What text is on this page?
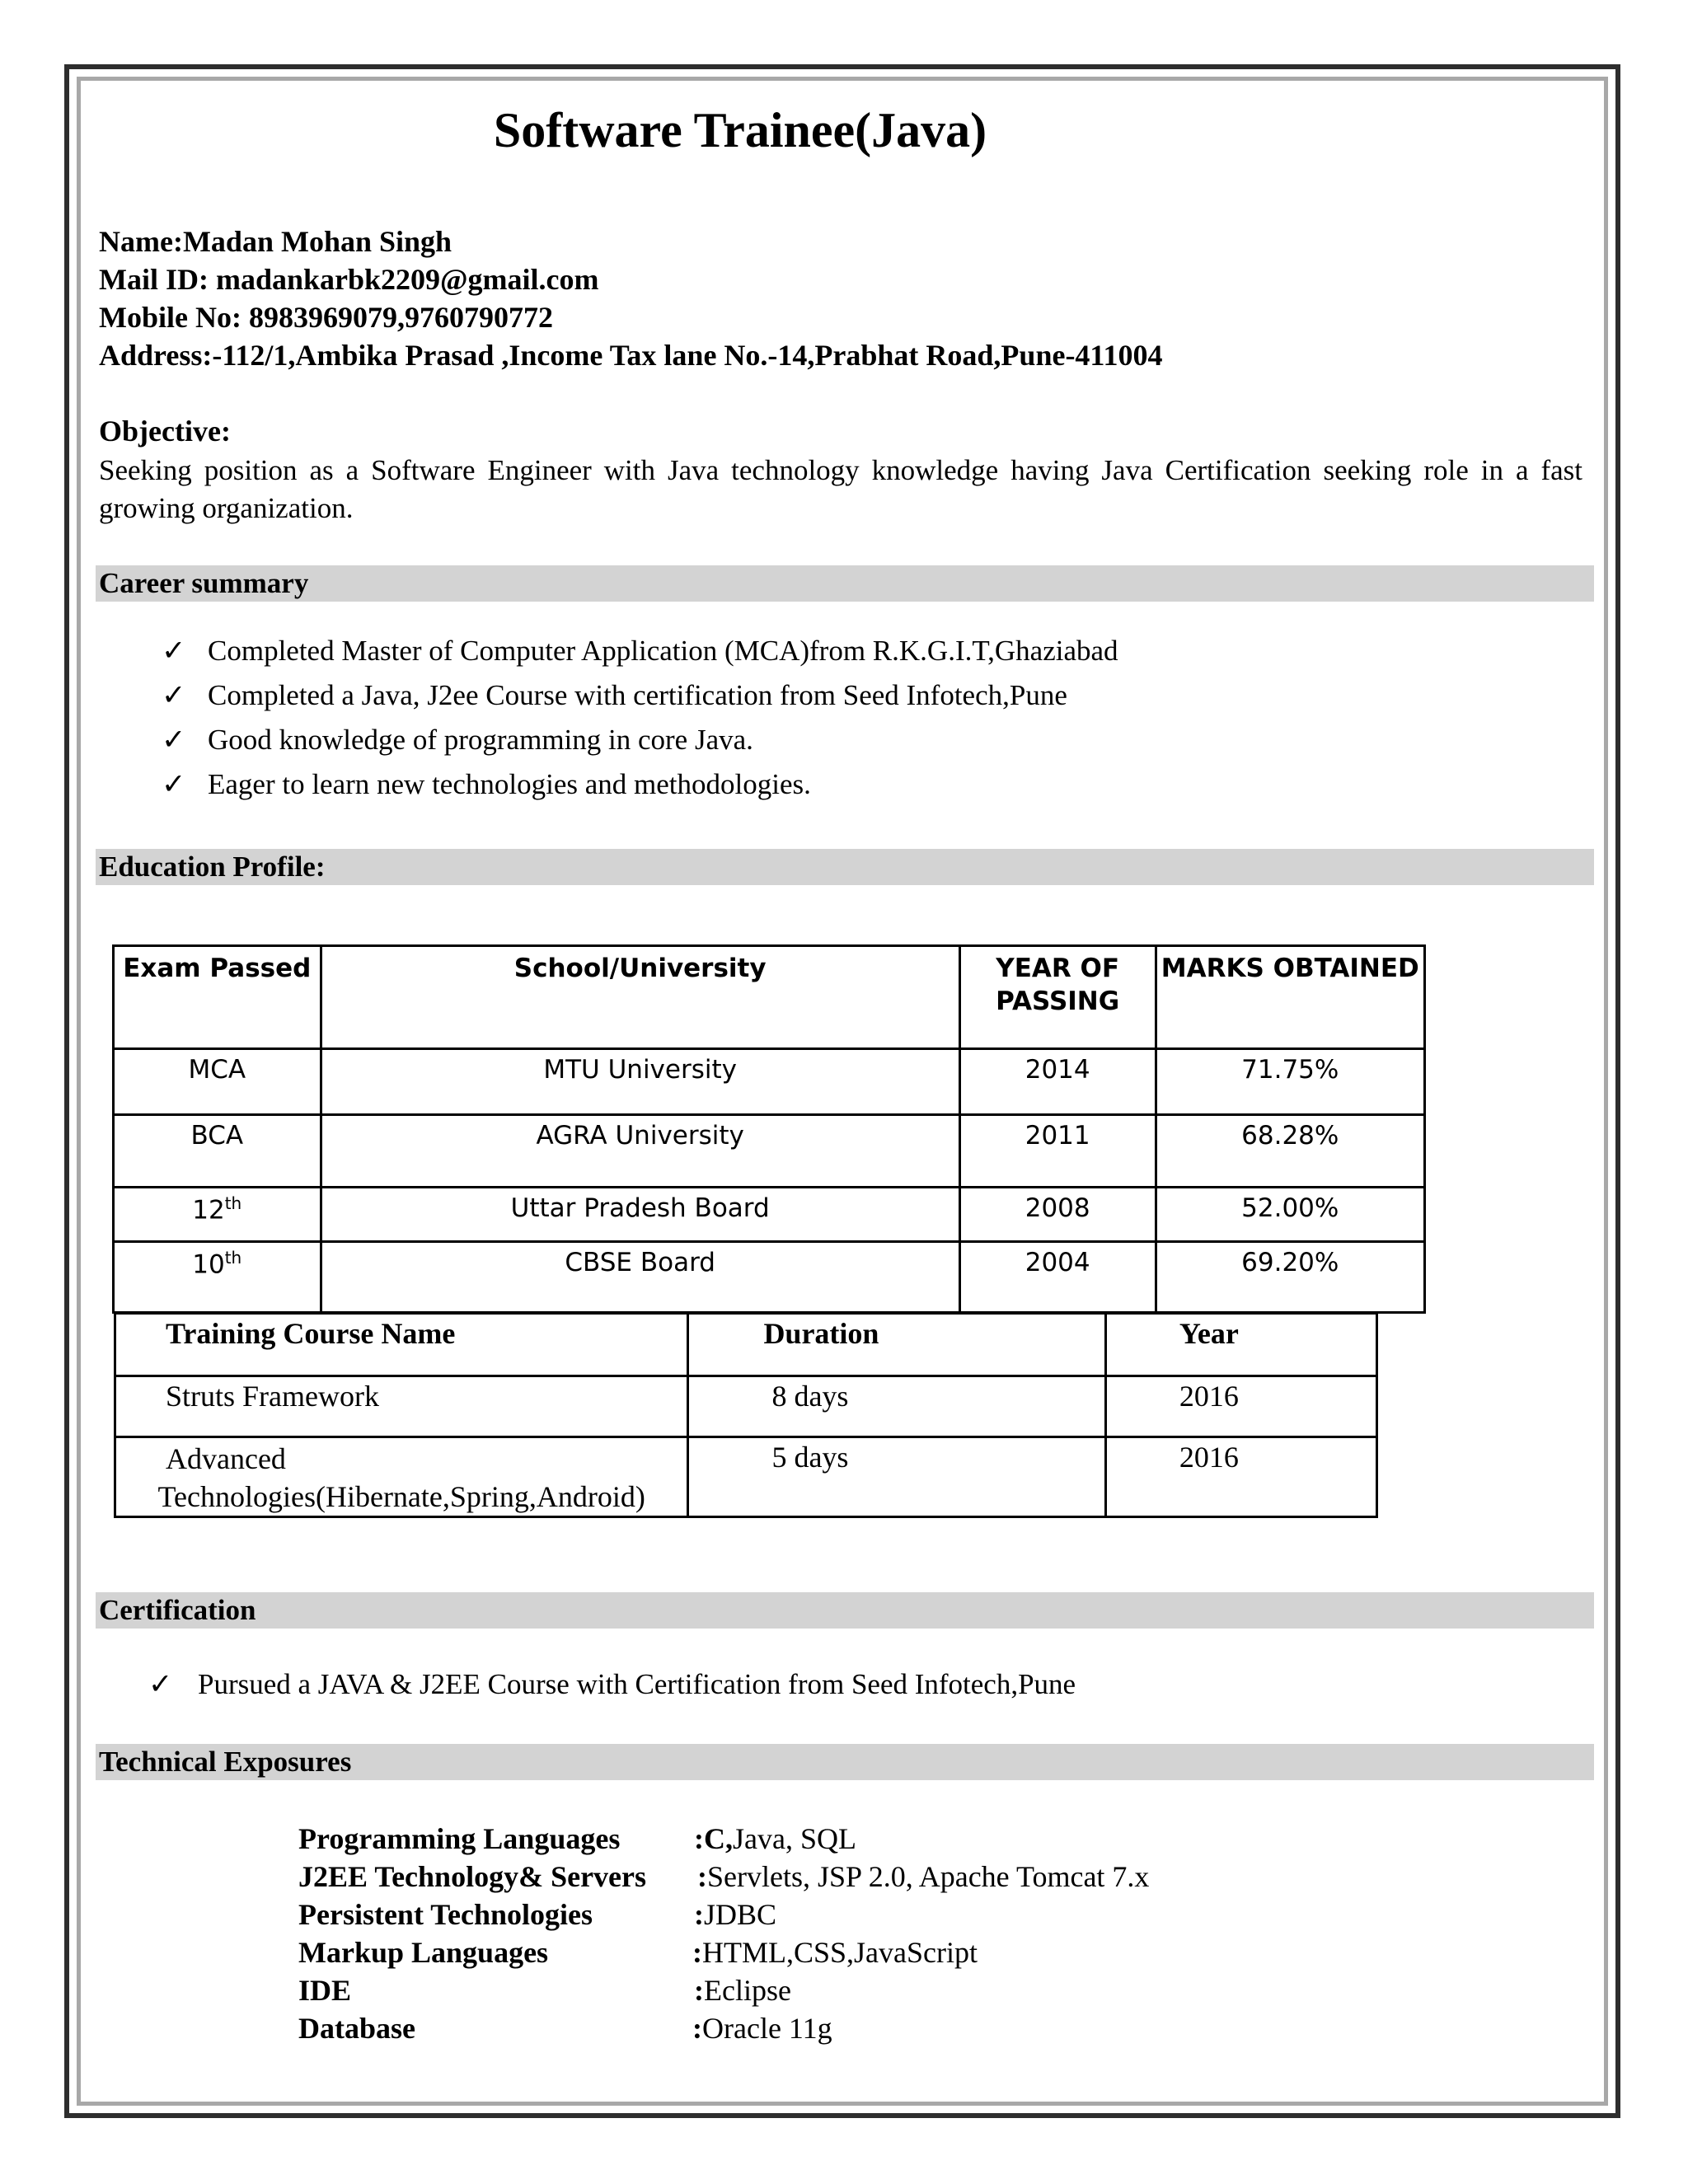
Software Trainee(Java)
Name:Madan Mohan Singh
Mail ID: madankarbk2209@gmail.com
Mobile No: 8983969079,9760790772
Address:-112/1,Ambika Prasad ,Income Tax lane No.-14,Prabhat Road,Pune-411004
Objective:
Seeking position as a Software Engineer with Java technology knowledge having Java Certification seeking role in a fast growing organization.
Career summary
✓ Completed Master of Computer Application (MCA)from R.K.G.I.T,Ghaziabad
✓ Completed a Java, J2ee Course with certification from Seed Infotech,Pune
✓ Good knowledge of programming in core Java.
✓ Eager to learn new technologies and methodologies.
Education Profile:
Exam Passed	School/University	YEAR OF PASSING	MARKS OBTAINED
MCA	MTU University	2014	71.75%
BCA	AGRA University	2011	68.28%
12th	Uttar Pradesh Board	2008	52.00%
10th	CBSE Board	2004	69.20%
Training Course Name	Duration	Year
Struts Framework	8 days	2016

Advanced
Technologies(Hibernate,Spring,Android)	5 days	2016
Certification
✓ Pursued a JAVA & J2EE Course with Certification from Seed Infotech,Pune
Technical Exposures
Programming Languages :C,Java, SQL
J2EE Technology& Servers :Servlets, JSP 2.0, Apache Tomcat 7.x
Persistent Technologies	:JDBC
Markup Languages	:HTML,CSS,JavaScript
IDE	:Eclipse
Database	:Oracle 11g
